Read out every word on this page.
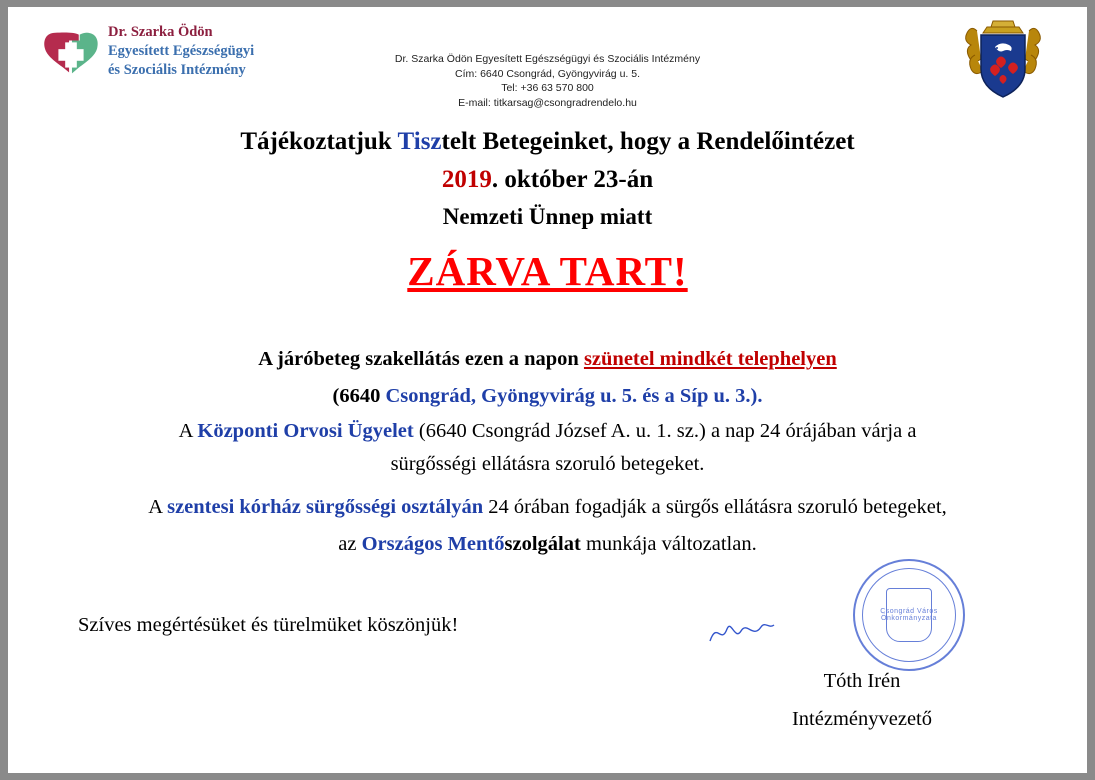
Dr. Szarka Ödön
Egyesített Egészségügyi
és Szociális Intézmény
Dr. Szarka Ödön Egyesített Egészségügyi és Szociális Intézmény
Cím: 6640 Csongrád, Gyöngyvirág u. 5.
Tel: +36 63 570 800
E-mail: titkarsag@csongradrendelo.hu
Tájékoztatjuk Tisztelt Betegeinket, hogy a Rendelőintézet
2019. október 23-án
Nemzeti Ünnep miatt
ZÁRVA TART!
A járóbeteg szakellátás ezen a napon szünetel mindkét telephelyen
(6640 Csongrád, Gyöngyvirág u. 5. és a Síp u. 3.).
A Központi Orvosi Ügyelet (6640 Csongrád József A. u. 1. sz.) a nap 24 órájában várja a
sürgősségi ellátásra szoruló betegeket.
A szentesi kórház sürgősségi osztályán 24 órában fogadják a sürgős ellátásra szoruló betegeket,
az Országos Mentőszolgálat munkája változatlan.
Szíves megértésüket és türelmüket köszönjük!
Csongrád Város Önkormányzata
Tóth Irén
Intézményvezető
